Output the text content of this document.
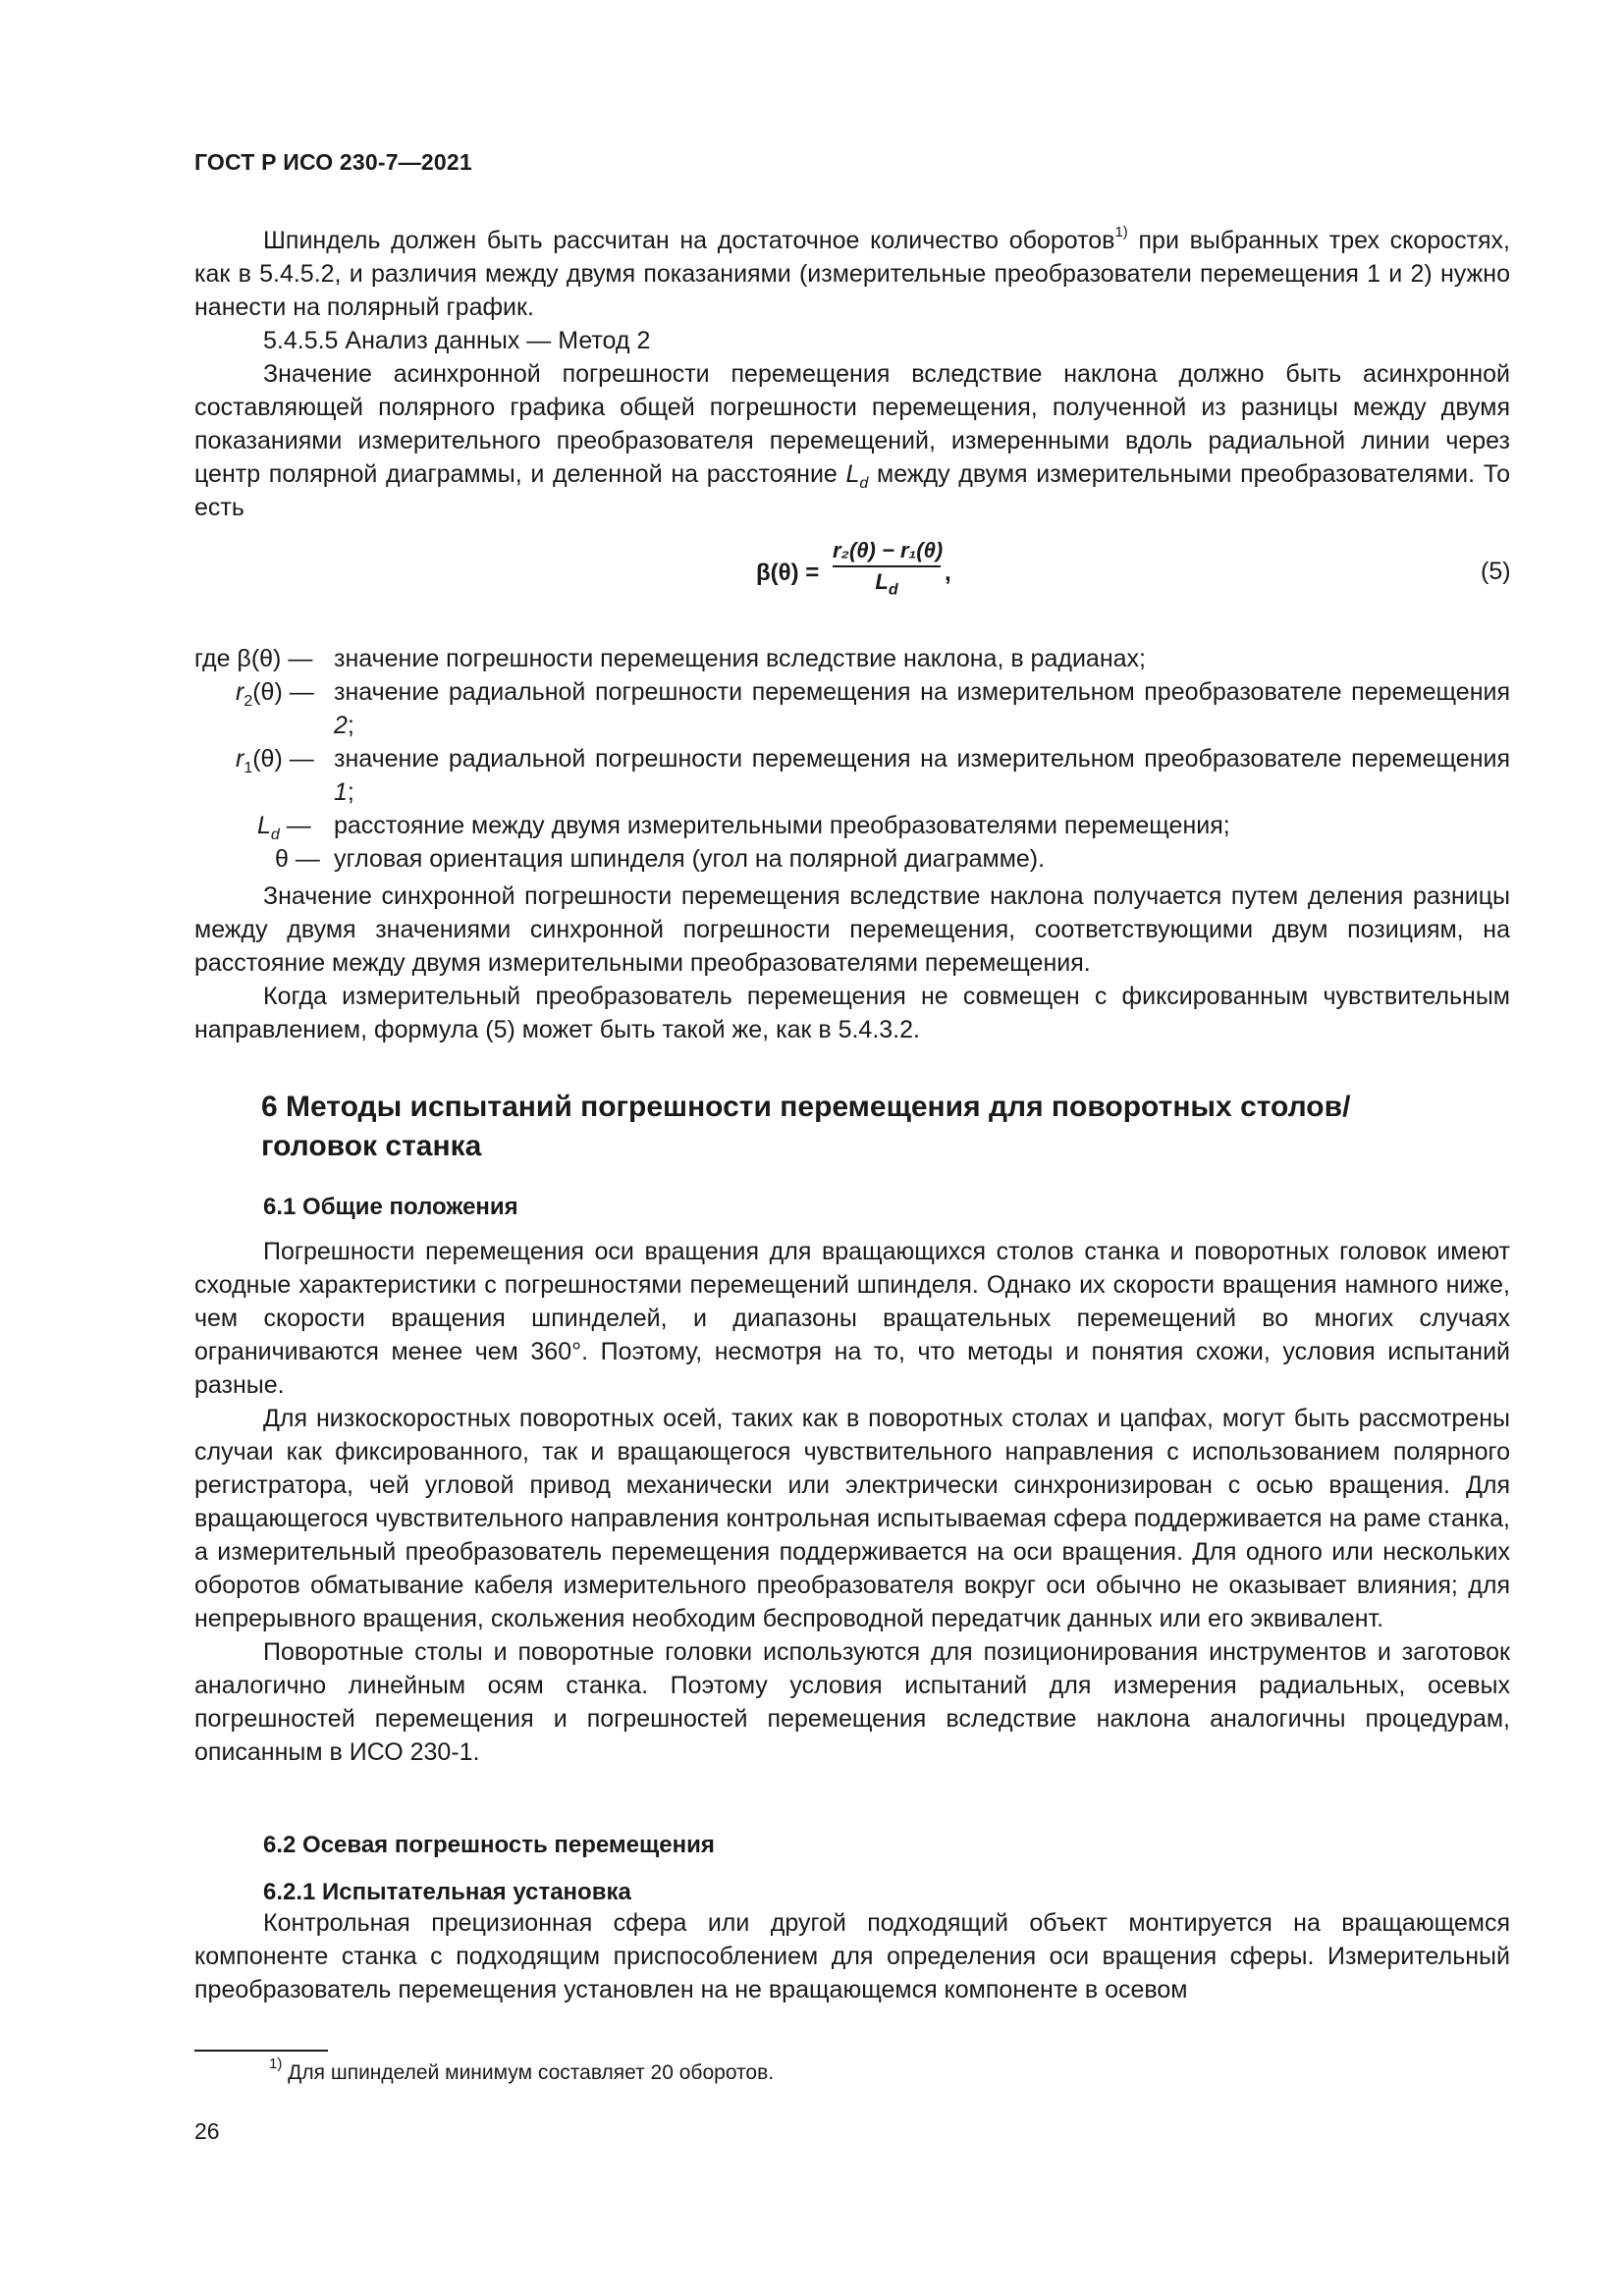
ГОСТ Р ИСО 230-7—2021

Шпиндель должен быть рассчитан на достаточное количество оборотов$^{1)}$ при выбранных трех скоростях, как в 5.4.5.2, и различия между двумя показаниями (измерительные преобразователи перемещения 1 и 2) нужно нанести на полярный график.

5.4.5.5 Анализ данных — Метод 2

Значение асинхронной погрешности перемещения вследствие наклона должно быть асинхронной составляющей полярного графика общей погрешности перемещения, полученной из разницы между двумя показаниями измерительного преобразователя перемещений, измеренными вдоль радиальной линии через центр полярной диаграммы, и деленной на расстояние $L_d$ между двумя измерительными преобразователями. То есть

$\beta(\theta) = \frac{\text{r₂(θ) − r₁(θ)}}{L_d}$ ,	(5)
где β(θ) — значение погрешности перемещения вследствие наклона, в радианах;
$r_2(\theta)$ — значение радиальной погрешности перемещения на измерительном преобразователе перемещения 2;
$r_1(\theta)$ — значение радиальной погрешности перемещения на измерительном преобразователе перемещения 1;
$L_d$ — расстояние между двумя измерительными преобразователями перемещения;
θ — угловая ориентация шпинделя (угол на полярной диаграмме).

Значение синхронной погрешности перемещения вследствие наклона получается путем деления разницы между двумя значениями синхронной погрешности перемещения, соответствующими двум позициям, на расстояние между двумя измерительными преобразователями перемещения.

Когда измерительный преобразователь перемещения не совмещен с фиксированным чувствительным направлением, формула (5) может быть такой же, как в 5.4.3.2.

6 Методы испытаний погрешности перемещения для поворотных столов/головок станка
6.1 Общие положения

Погрешности перемещения оси вращения для вращающихся столов станка и поворотных головок имеют сходные характеристики с погрешностями перемещений шпинделя. Однако их скорости вращения намного ниже, чем скорости вращения шпинделей, и диапазоны вращательных перемещений во многих случаях ограничиваются менее чем 360°. Поэтому, несмотря на то, что методы и понятия схожи, условия испытаний разные.

Для низкоскоростных поворотных осей, таких как в поворотных столах и цапфах, могут быть рассмотрены случаи как фиксированного, так и вращающегося чувствительного направления с использованием полярного регистратора, чей угловой привод механически или электрически синхронизирован с осью вращения. Для вращающегося чувствительного направления контрольная испытываемая сфера поддерживается на раме станка, а измерительный преобразователь перемещения поддерживается на оси вращения. Для одного или нескольких оборотов обматывание кабеля измерительного преобразователя вокруг оси обычно не оказывает влияния; для непрерывного вращения, скольжения необходим беспроводной передатчик данных или его эквивалент.

Поворотные столы и поворотные головки используются для позиционирования инструментов и заготовок аналогично линейным осям станка. Поэтому условия испытаний для измерения радиальных, осевых погрешностей перемещения и погрешностей перемещения вследствие наклона аналогичны процедурам, описанным в ИСО 230-1.

6.2 Осевая погрешность перемещения
6.2.1 Испытательная установка

Контрольная прецизионная сфера или другой подходящий объект монтируется на вращающемся компоненте станка с подходящим приспособлением для определения оси вращения сферы. Измерительный преобразователь перемещения установлен на не вращающемся компоненте в осевом

$^{1)}$ Для шпинделей минимум составляет 20 оборотов.
26
